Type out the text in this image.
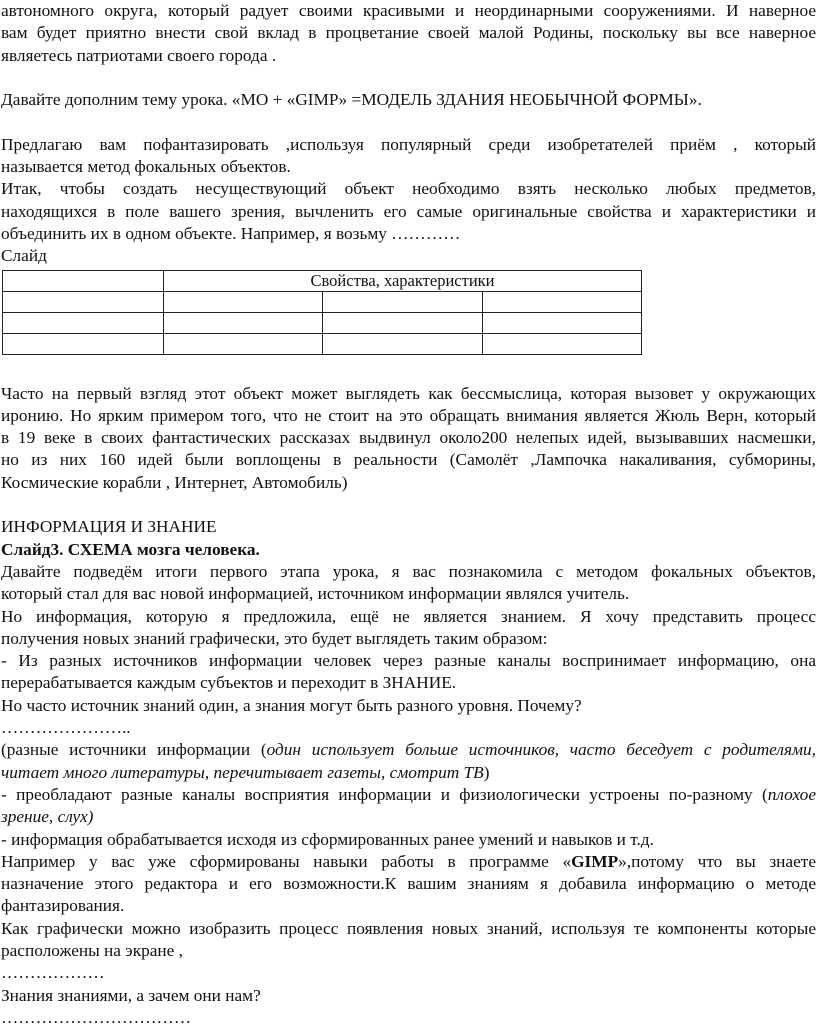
автономного округа, который радует своими красивыми и неординарными сооружениями. И наверное

вам будет приятно внести свой вклад в процветание своей малой Родины, поскольку вы все наверное

являетесь патриотами своего города .

Давайте дополним тему урока. «МО + «GIMP» =МОДЕЛЬ ЗДАНИЯ НЕОБЫЧНОЙ ФОРМЫ».

Предлагаю вам пофантазировать ,используя популярный среди изобретателей приём , который

называется метод фокальных объектов.

Итак, чтобы создать несуществующий объект необходимо взять несколько любых предметов,

находящихся в поле вашего зрения, вычленить его самые оригинальные свойства и характеристики и

объединить их в одном объекте. Например, я возьму …………

Слайд

	Свойства, характеристики		

Часто на первый взгляд этот объект может выглядеть как бессмыслица, которая вызовет у окружающих

иронию. Но ярким примером того, что не стоит на это обращать внимания является Жюль Верн, который

в 19 веке в своих фантастических рассказах выдвинул около200 нелепых идей, вызывавших насмешки,

но из них 160 идей были воплощены в реальности (Самолёт ,Лампочка накаливания, субморины,

Космические корабли , Интернет, Автомобиль)

ИНФОРМАЦИЯ И ЗНАНИЕ

Слайд3. СХЕМА мозга человека.

Давайте подведём итоги первого этапа урока, я вас познакомила с методом фокальных объектов,

который стал для вас новой информацией, источником информации являлся учитель.

Но информация, которую я предложила, ещё не является знанием. Я хочу представить процесс

получения новых знаний графически, это будет выглядеть таким образом:

- Из разных источников информации человек через разные каналы воспринимает информацию, она

перерабатывается каждым субъектов и переходит в ЗНАНИЕ.

Но часто источник знаний один, а знания могут быть разного уровня. Почему?

…………………..

(разные источники информации (один использует больше источников, часто беседует с родителями,

читает много литературы, перечитывает газеты, смотрит ТВ)

- преобладают разные каналы восприятия информации и физиологически устроены по-разному (плохое

зрение, слух)

- информация обрабатывается исходя из сформированных ранее умений и навыков и т.д.

Например у вас уже сформированы навыки работы в программе «GIMP»,потому что вы знаете

назначение этого редактора и его возможности.К вашим знаниям я добавила информацию о методе

фантазирования.

Как графически можно изобразить процесс появления новых знаний, используя те компоненты которые

расположены на экране ,

………………

Знания знаниями, а зачем они нам?

……………………………
